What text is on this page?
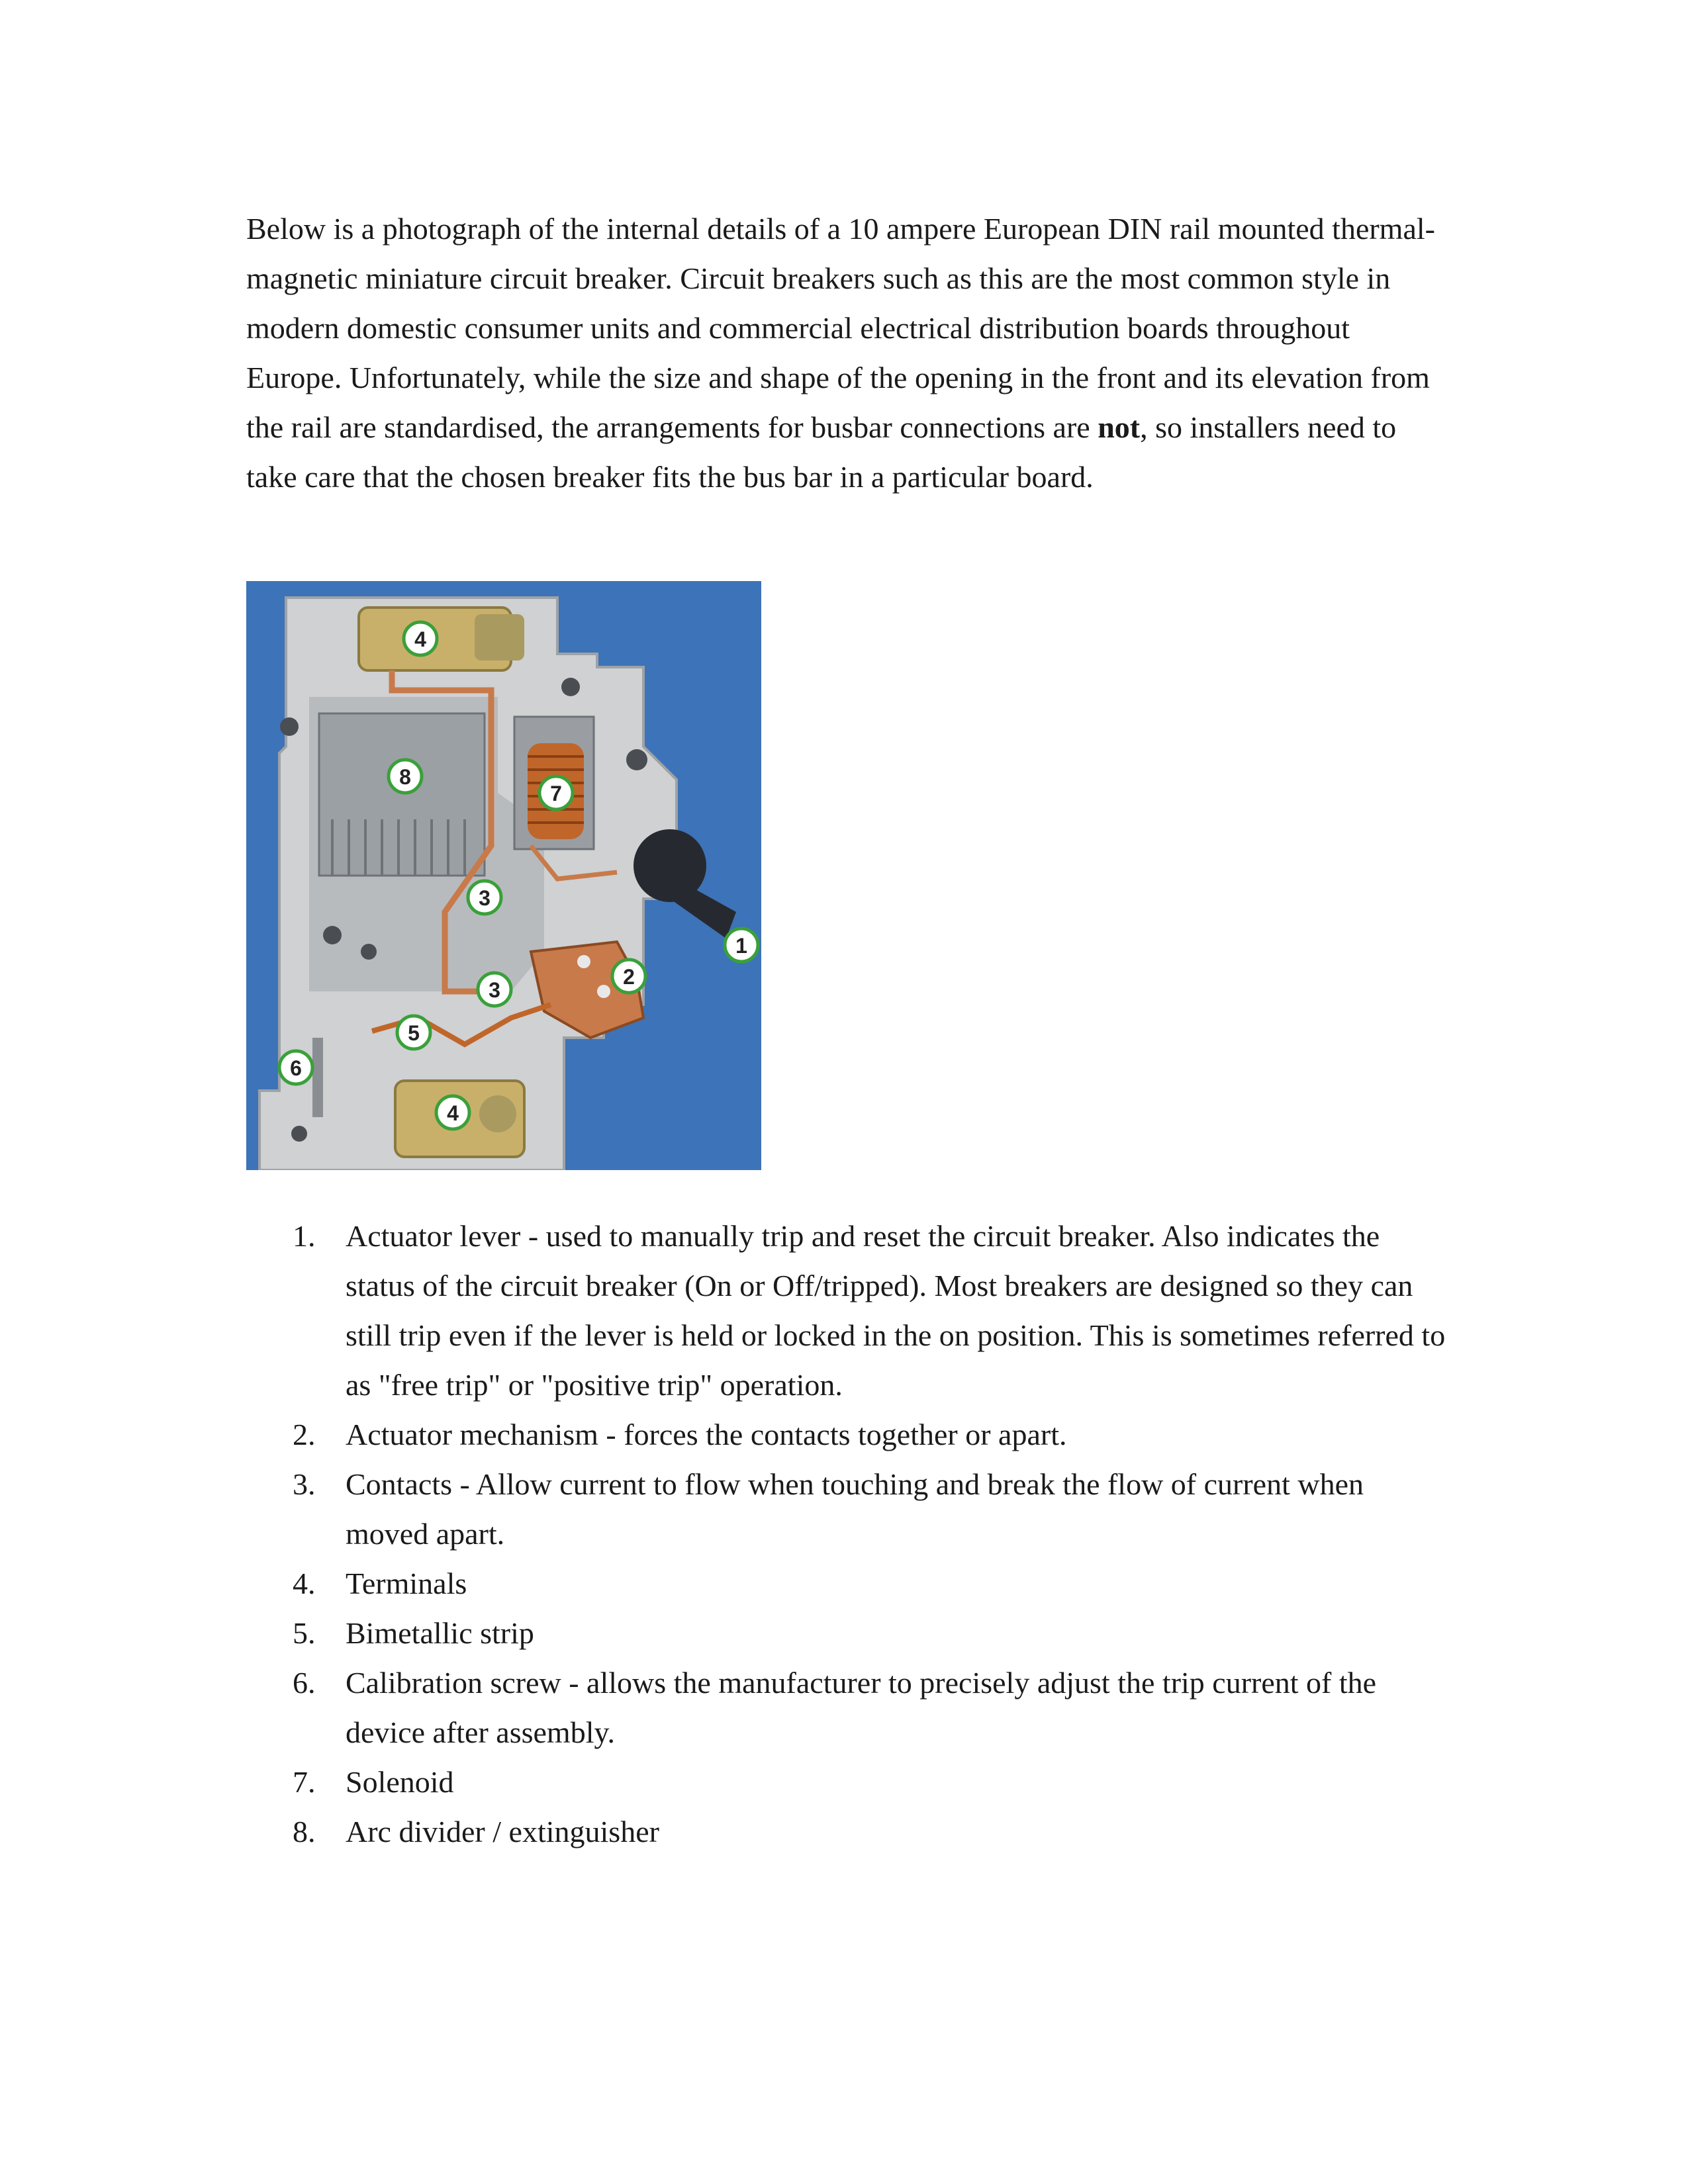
Below is a photograph of the internal details of a 10 ampere European DIN rail mounted thermal-magnetic miniature circuit breaker. Circuit breakers such as this are the most common style in modern domestic consumer units and commercial electrical distribution boards throughout Europe. Unfortunately, while the size and shape of the opening in the front and its elevation from the rail are standardised, the arrangements for busbar connections are not, so installers need to take care that the chosen breaker fits the bus bar in a particular board.

4
8
7
3
1
2
3
5
6
4
1. Actuator lever - used to manually trip and reset the circuit breaker. Also indicates the status of the circuit breaker (On or Off/tripped). Most breakers are designed so they can still trip even if the lever is held or locked in the on position. This is sometimes referred to as "free trip" or "positive trip" operation.
2. Actuator mechanism - forces the contacts together or apart.
3. Contacts - Allow current to flow when touching and break the flow of current when moved apart.
4. Terminals
5. Bimetallic strip
6. Calibration screw - allows the manufacturer to precisely adjust the trip current of the device after assembly.
7. Solenoid
8. Arc divider / extinguisher
